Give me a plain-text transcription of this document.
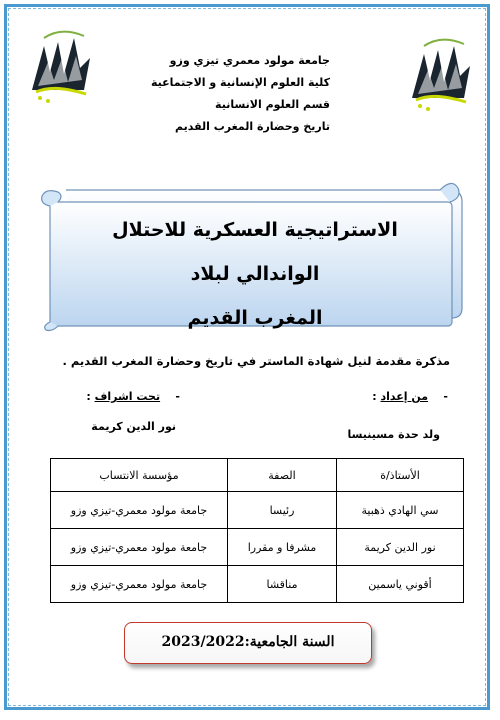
جامعة مولود معمري تيزي وزو
كلية العلوم الإنسانية و الاجتماعية
قسم العلوم الانسانية
تاريخ وحضارة المغرب القديم
الاستراتيجية العسكرية للاحتلال الواندالي لبلاد
المغرب القديم
مذكرة مقدمة لنيل شهادة الماستر في تاريخ وحضارة المغرب القديم .
-    من إعداد :
-    تحت اشراف :
ولد حدة مسينيسا
نور الدين كريمة
الأستاذ/ة	الصفة	مؤسسة الانتساب
سي الهادي ذهبية	رئيسا	جامعة مولود معمري-تيزي وزو
نور الدين كريمة	مشرفا و مقررا	جامعة مولود معمري-تيزي وزو
أقوني ياسمين	مناقشا	جامعة مولود معمري-تيزي وزو
السنة الجامعية:2023/2022
